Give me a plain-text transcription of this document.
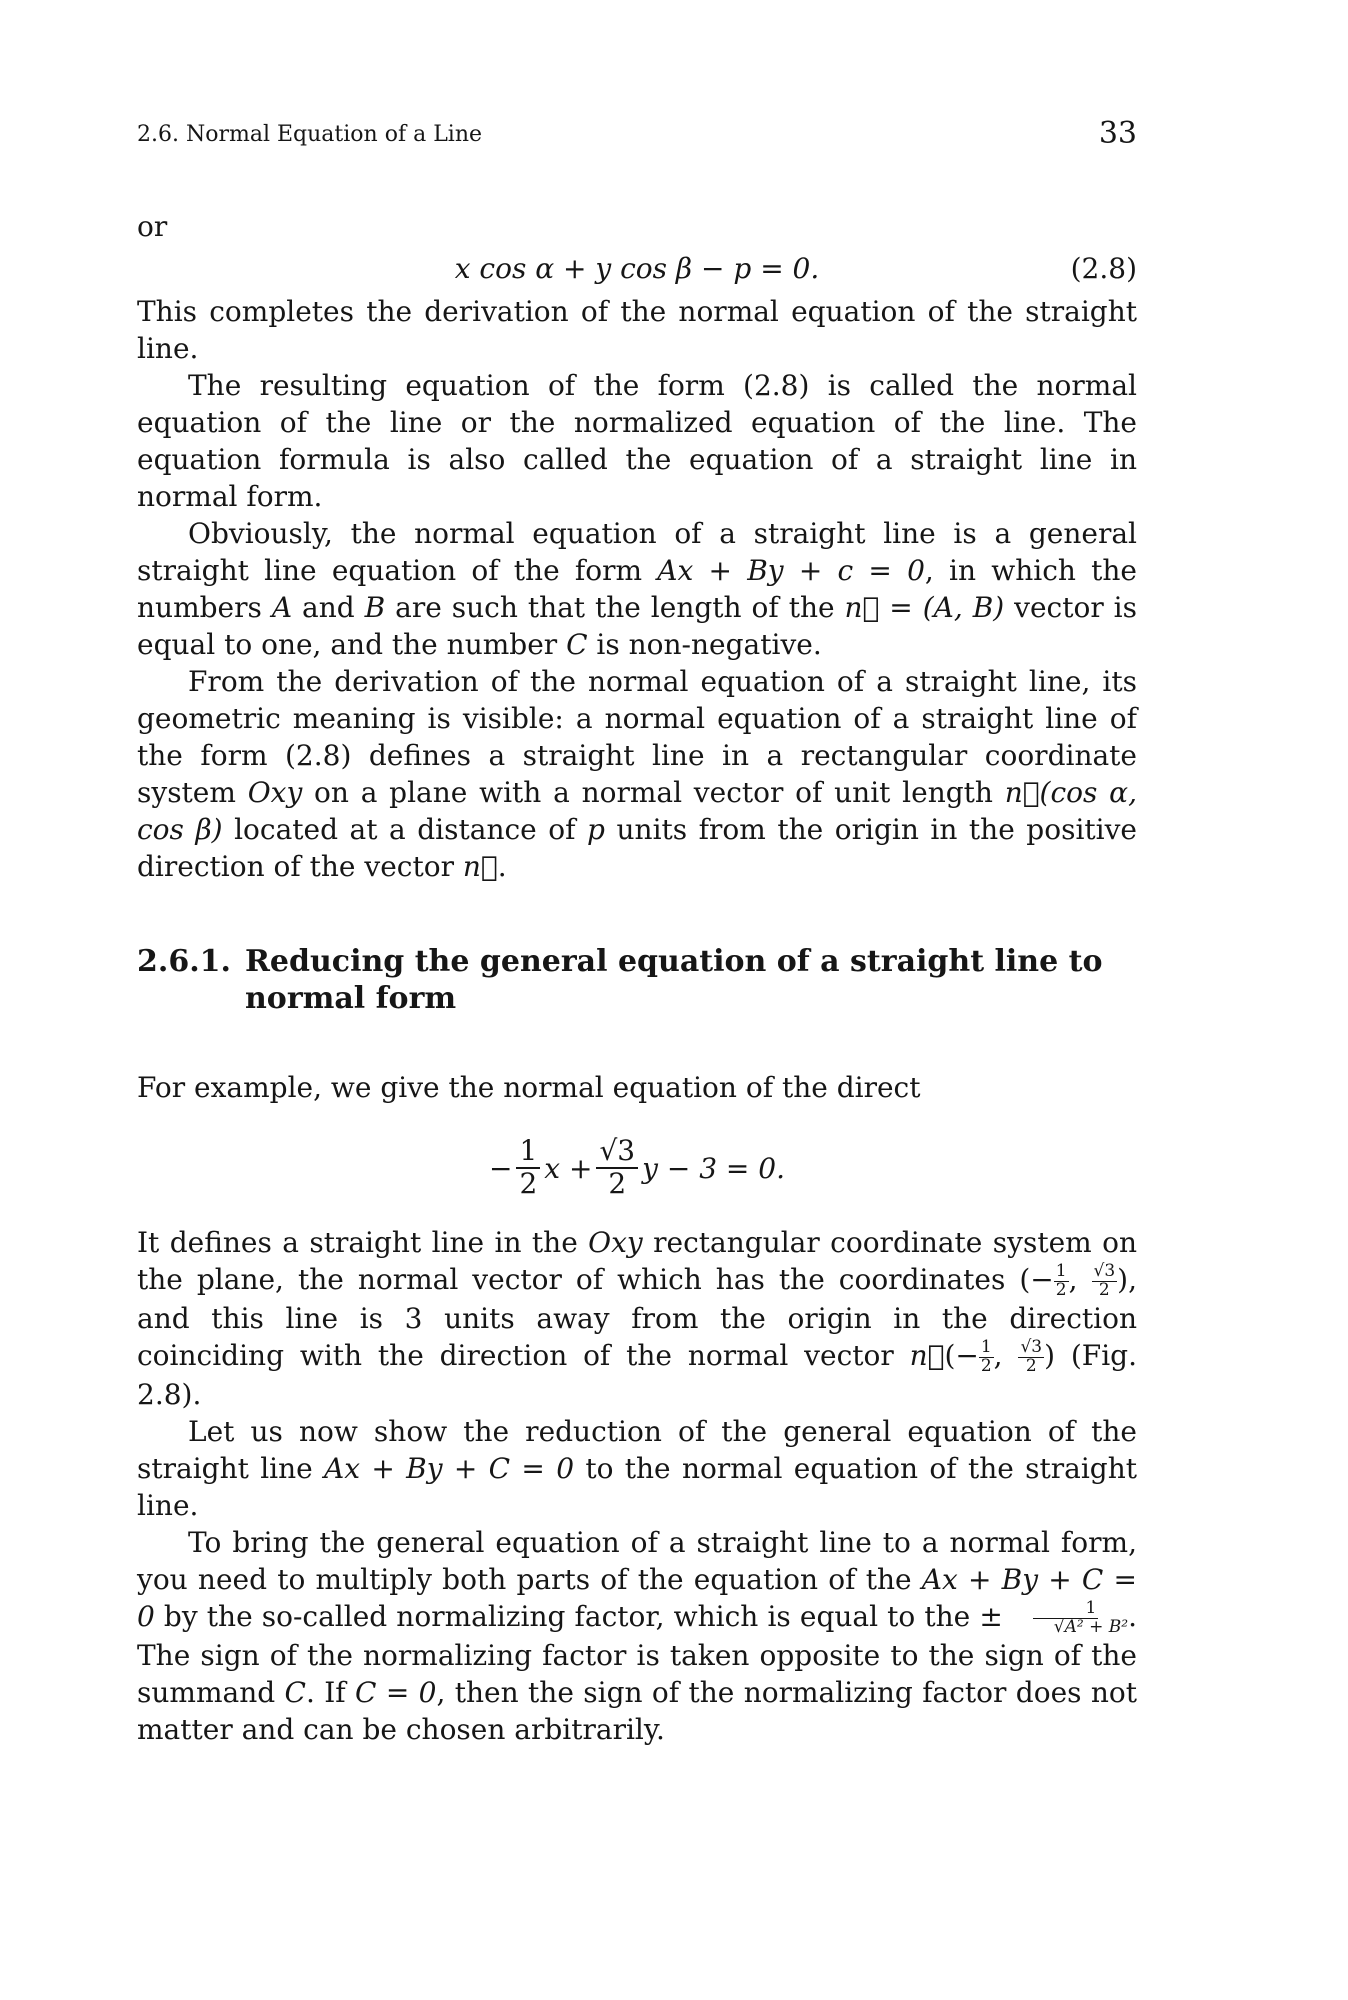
2.6. Normal Equation of a Line	33

or

x cos α + y cos β − p = 0.	(2.8)

This completes the derivation of the normal equation of the straight line.

The resulting equation of the form (2.8) is called the normal equation of the line or the normalized equation of the line. The equation formula is also called the equation of a straight line in normal form.

Obviously, the normal equation of a straight line is a general straight line equation of the form Ax + By + c = 0, in which the numbers A and B are such that the length of the n⃗ = (A, B) vector is equal to one, and the number C is non-negative.

From the derivation of the normal equation of a straight line, its geometric meaning is visible: a normal equation of a straight line of the form (2.8) defines a straight line in a rectangular coordinate system Oxy on a plane with a normal vector of unit length n⃗(cos α, cos β) located at a distance of p units from the origin in the positive direction of the vector n⃗.

2.6.1. Reducing the general equation of a straight line to normal form

For example, we give the normal equation of the direct

− $\frac{1}{2}$ $x + \frac{√3}{2}$ y − 3 = 0.

It defines a straight line in the Oxy rectangular coordinate system on the plane, the normal vector of which has the coordinates (− $\frac{1}{2}$ , $\frac{√3}{2}$ ), and this line is 3 units away from the origin in the direction coinciding with the direction of the normal vector n⃗(− $\frac{1}{2}$ , $\frac{√3}{2}$ ) (Fig. 2.8).

Let us now show the reduction of the general equation of the straight line Ax + By + C = 0 to the normal equation of the straight line.

To bring the general equation of a straight line to a normal form, you need to multiply both parts of the equation of the Ax + By + C = 0 by the so-called normalizing factor, which is equal to the ± $\frac{1}{\text{√A² + B²}}$ . The sign of the normalizing factor is taken opposite to the sign of the summand C. If C = 0, then the sign of the normalizing factor does not matter and can be chosen arbitrarily.
